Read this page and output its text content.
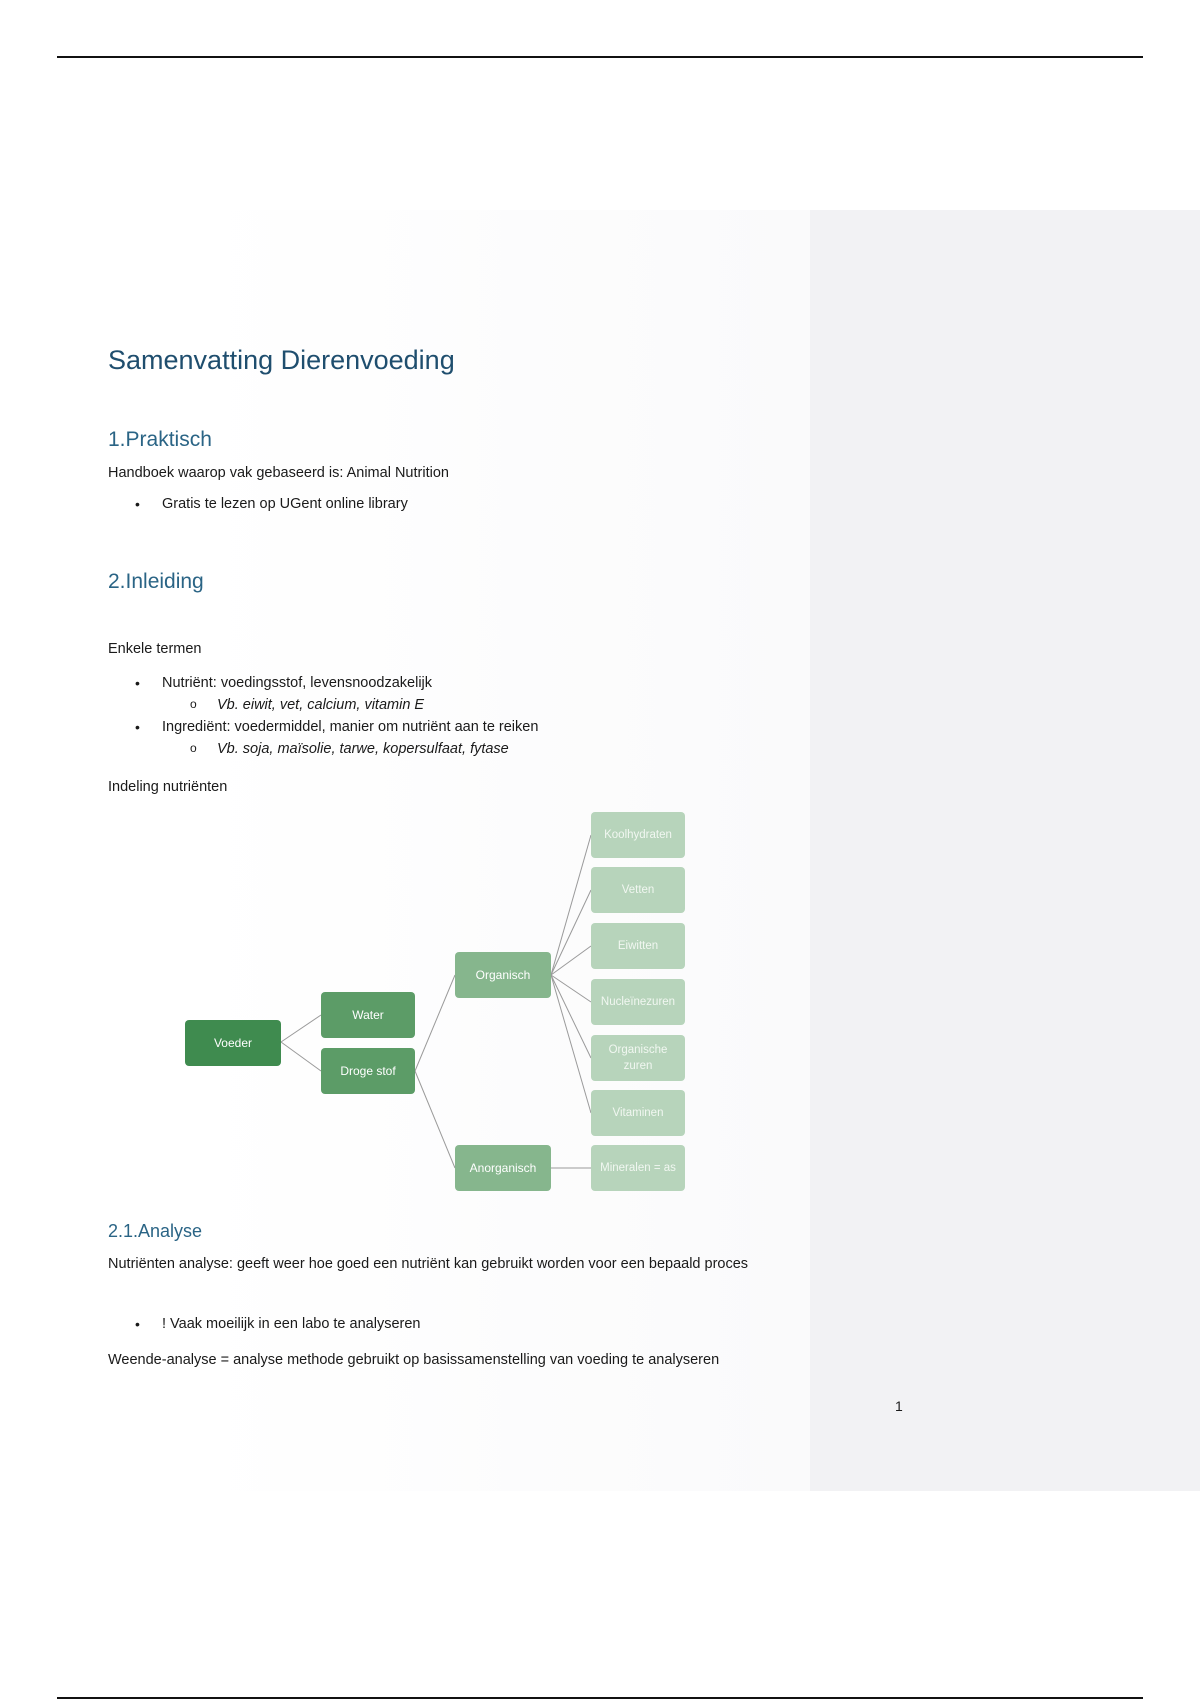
Samenvatting Dierenvoeding
1.Praktisch
Handboek waarop vak gebaseerd is: Animal Nutrition
• Gratis te lezen op UGent online library
2.Inleiding
Enkele termen
• Nutriënt: voedingsstof, levensnoodzakelijk
o Vb. eiwit, vet, calcium, vitamin E
• Ingrediënt: voedermiddel, manier om nutriënt aan te reiken
o Vb. soja, maïsolie, tarwe, kopersulfaat, fytase
Indeling nutriënten
2.1.Analyse
Nutriënten analyse: geeft weer hoe goed een nutriënt kan gebruikt worden voor een bepaald proces
• ! Vaak moeilijk in een labo te analyseren
Weende-analyse = analyse methode gebruikt op basissamenstelling van voeding te analyseren
1
Voeder
Water
Droge stof
Organisch
Anorganisch
Koolhydraten
Vetten
Eiwitten
Nucleïnezuren
Organische zuren
Vitaminen
Mineralen = as
